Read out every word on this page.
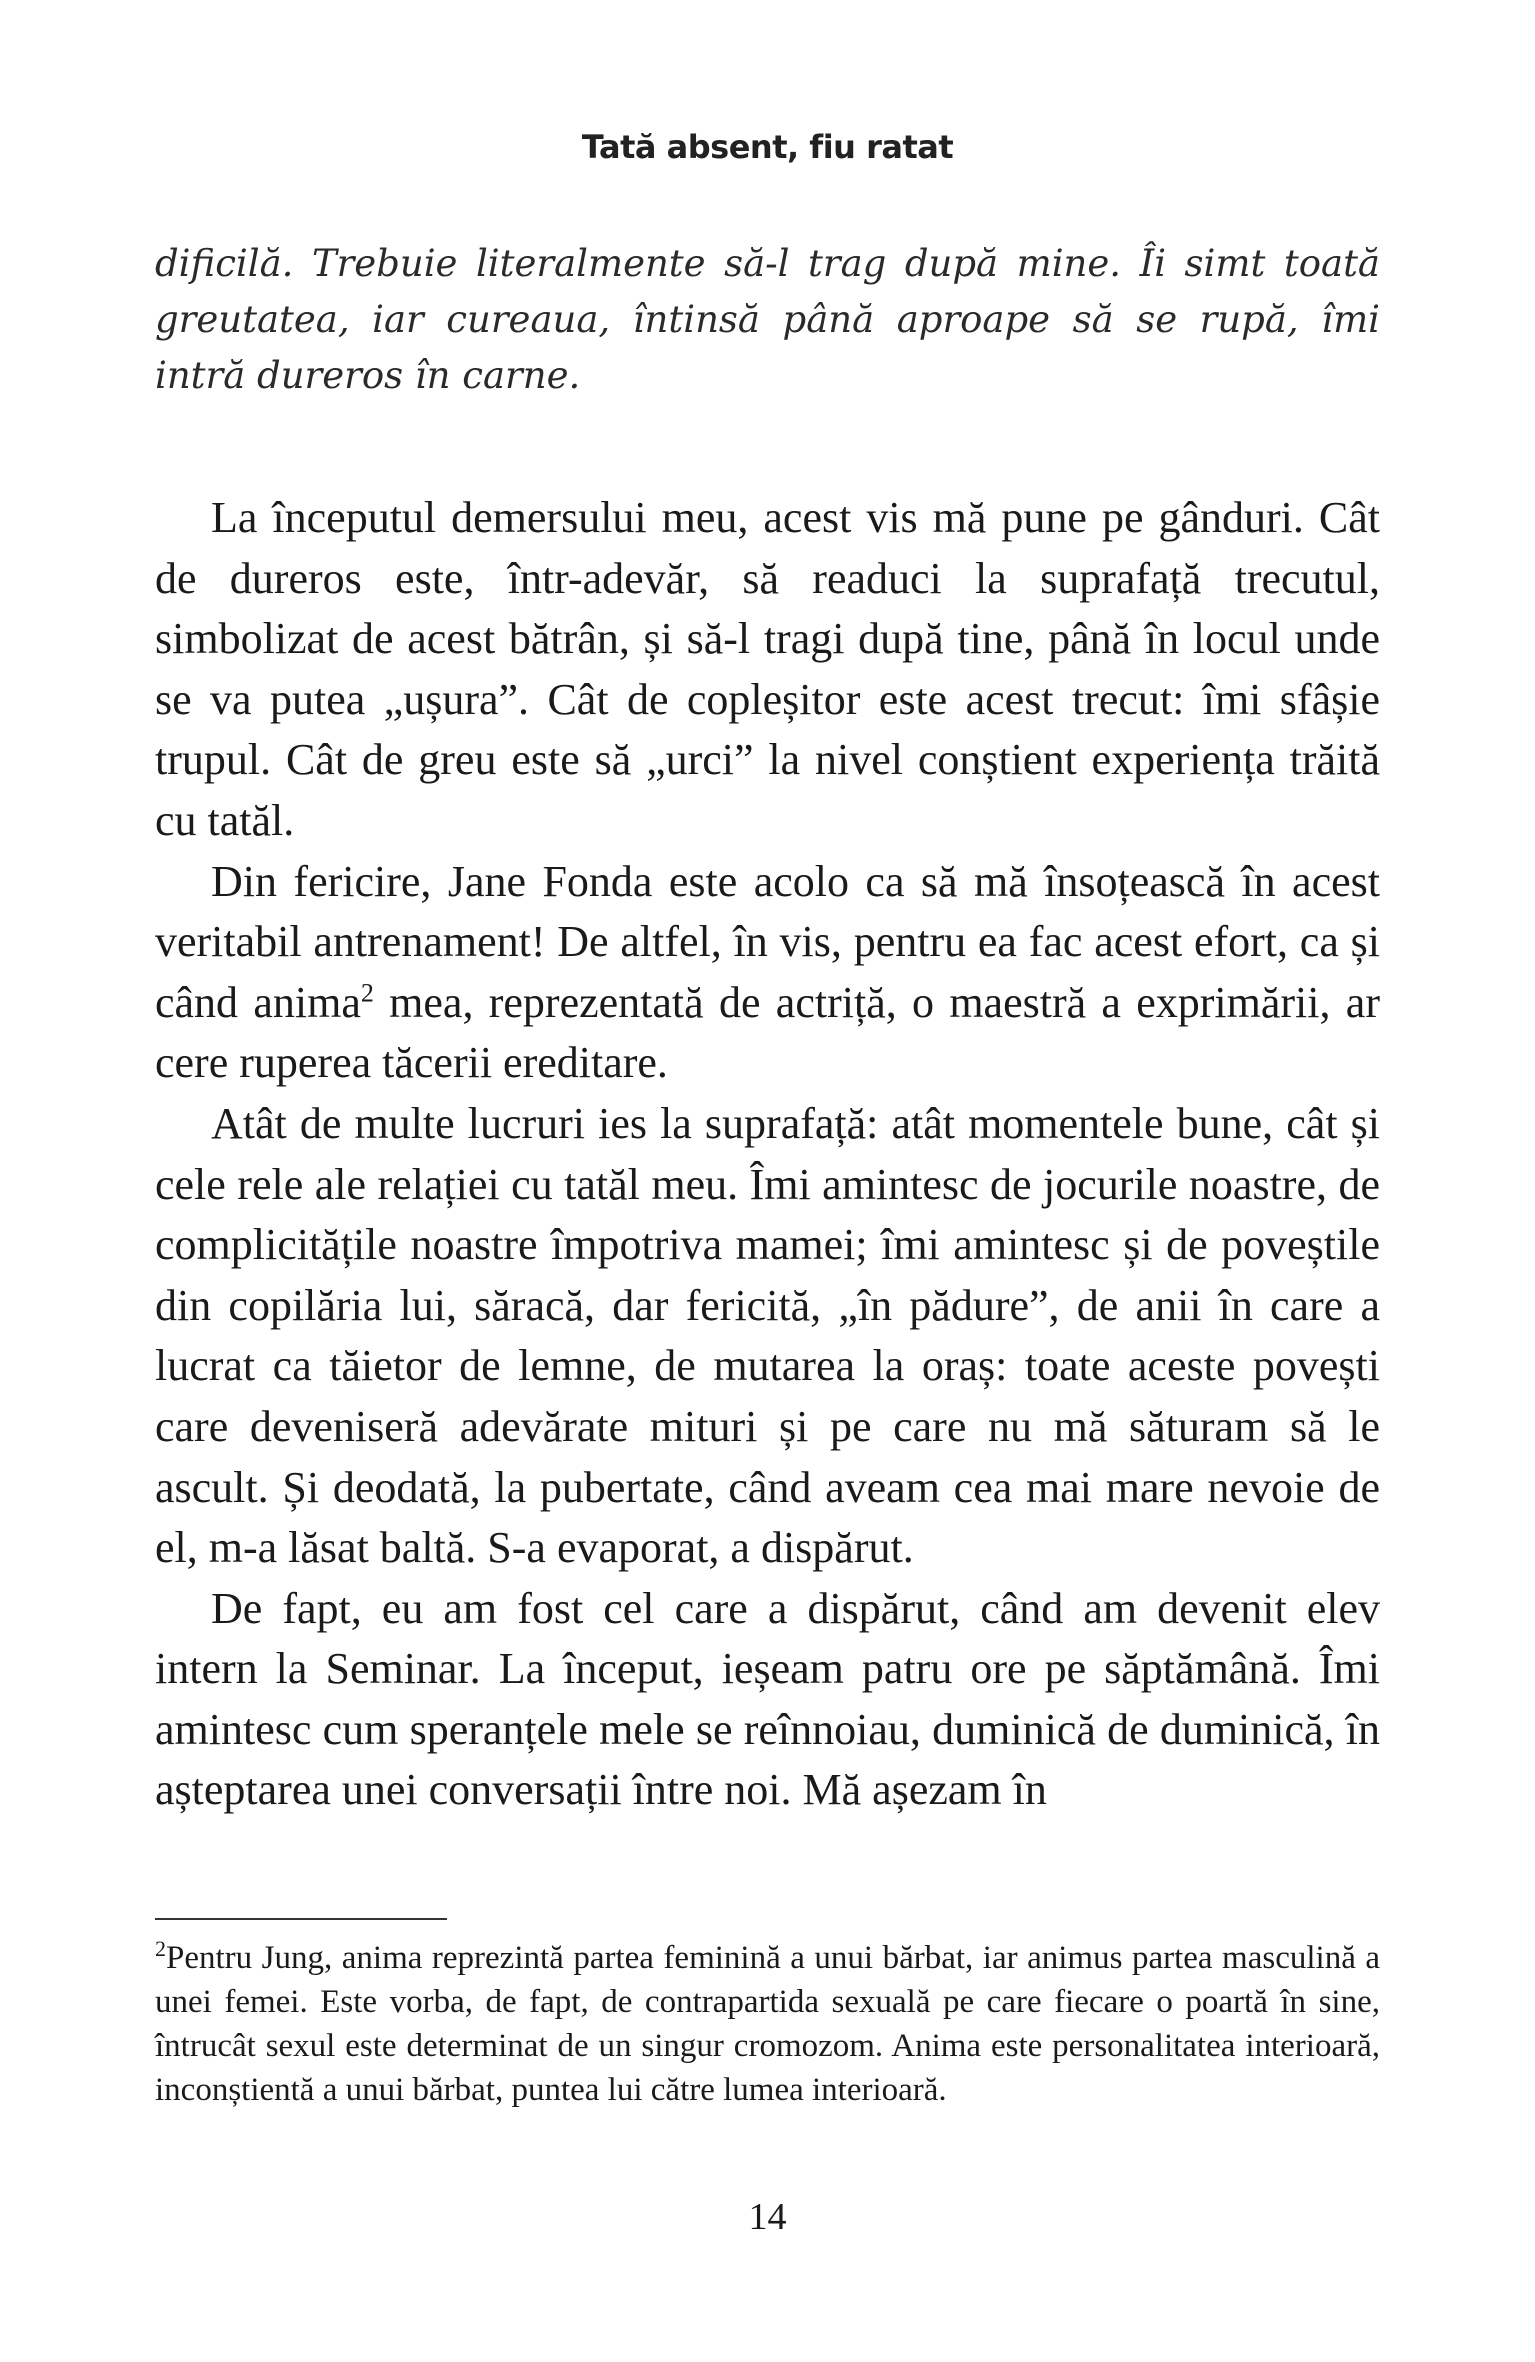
Tată absent, fiu ratat

dificilă. Trebuie literalmente să-l trag după mine. Îi simt toată greutatea, iar cureaua, întinsă până aproape să se rupă, îmi intră dureros în carne.

La începutul demersului meu, acest vis mă pune pe gânduri. Cât de dureros este, într-adevăr, să readuci la suprafață trecutul, simbolizat de acest bătrân, și să-l tragi după tine, până în locul unde se va putea „ușura”. Cât de copleșitor este acest trecut: îmi sfâșie trupul. Cât de greu este să „urci” la nivel conștient experiența trăită cu tatăl.

Din fericire, Jane Fonda este acolo ca să mă însoțească în acest veritabil antrenament! De altfel, în vis, pentru ea fac acest efort, ca și când anima$^2$ mea, reprezentată de actriță, o maestră a exprimării, ar cere ruperea tăcerii ereditare.

Atât de multe lucruri ies la suprafață: atât momentele bune, cât și cele rele ale relației cu tatăl meu. Îmi amintesc de jocurile noastre, de complicitățile noastre împotriva mamei; îmi amintesc și de poveștile din copilăria lui, săracă, dar fericită, „în pădure”, de anii în care a lucrat ca tăietor de lemne, de mutarea la oraș: toate aceste povești care deveniseră adevărate mituri și pe care nu mă săturam să le ascult. Și deodată, la pubertate, când aveam cea mai mare nevoie de el, m-a lăsat baltă. S-a evaporat, a dispărut.

De fapt, eu am fost cel care a dispărut, când am devenit elev intern la Seminar. La început, ieșeam patru ore pe săptămână. Îmi amintesc cum speranțele mele se reînnoiau, duminică de duminică, în așteptarea unei conversații între noi. Mă așezam în

$^2$Pentru Jung, anima reprezintă partea feminină a unui bărbat, iar animus partea masculină a unei femei. Este vorba, de fapt, de contrapartida sexuală pe care fiecare o poartă în sine, întrucât sexul este determinat de un singur cromozom. Anima este personalitatea interioară, inconștientă a unui bărbat, puntea lui către lumea interioară.

14
